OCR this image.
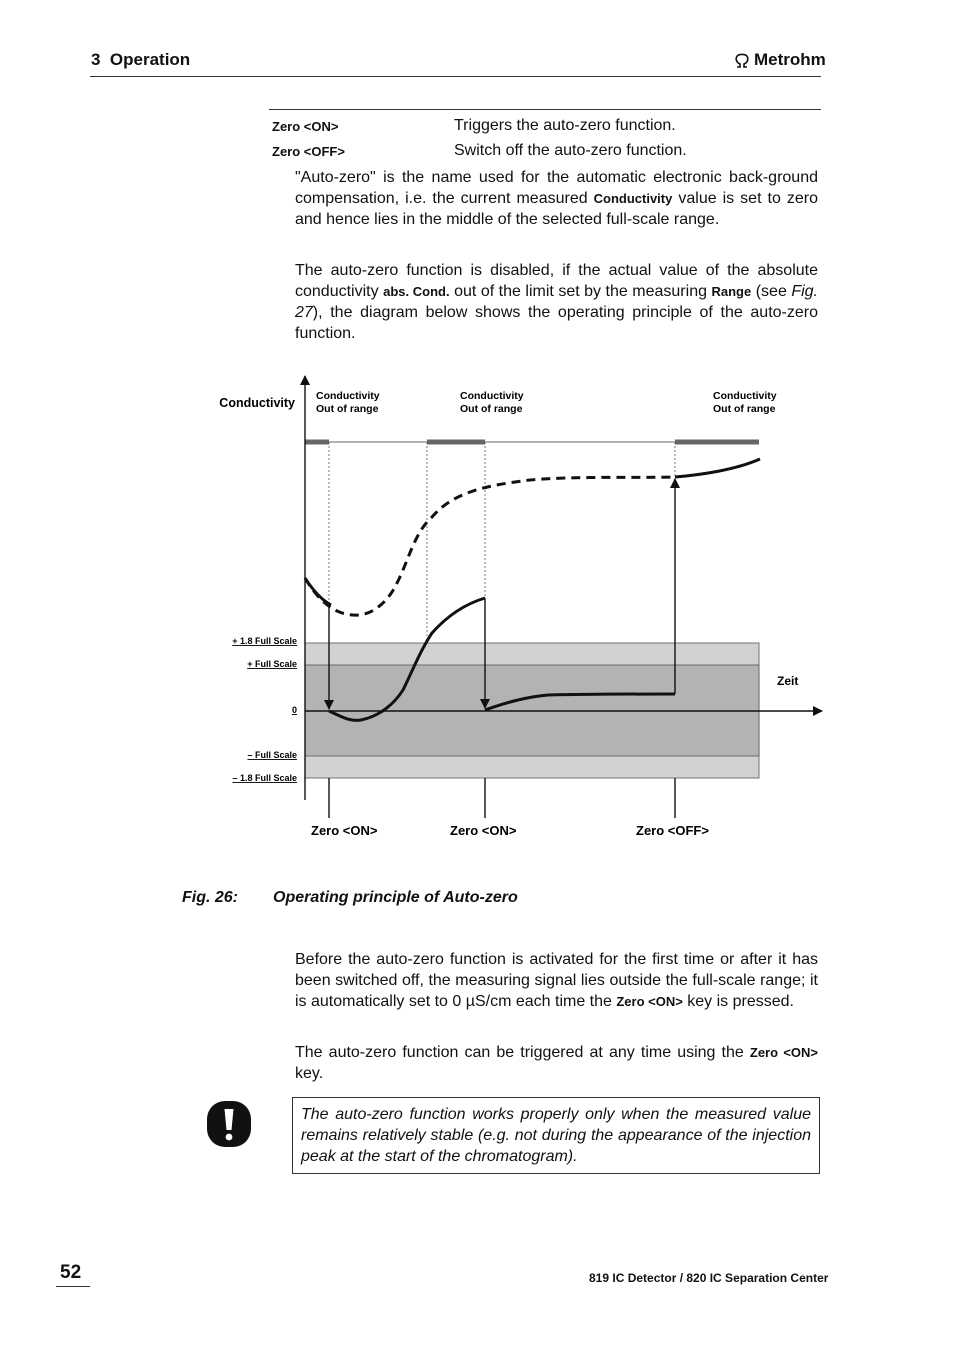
3  Operation	Metrohm
Zero <ON>	Triggers the auto-zero function.
Zero <OFF>	Switch off the auto-zero function.

"Auto-zero" is the name used for the automatic electronic back-ground compensation, i.e. the current measured Conductivity value is set to zero and hence lies in the middle of the selected full-scale range.

The auto-zero function is disabled, if the actual value of the absolute conductivity abs. Cond. out of the limit set by the measuring Range (see Fig. 27), the diagram below shows the operating principle of the auto-zero function.

Conductivity
Zeit
Conductivity
Out of range
Conductivity
Out of range
Conductivity
Out of range
+ 1.8 Full Scale
+ Full Scale
0
– Full Scale
– 1.8 Full Scale
Zero <ON>	Zero <ON>	Zero <OFF>
Fig. 26: Operating principle of Auto-zero

Before the auto-zero function is activated for the first time or after it has been switched off, the measuring signal lies outside the full-scale range; it is automatically set to 0 µS/cm each time the Zero <ON> key is pressed.

The auto-zero function can be triggered at any time using the Zero <ON> key.

The auto-zero function works properly only when the measured value remains relatively stable (e.g. not during the appearance of the injection peak at the start of the chromatogram).
52	819 IC Detector / 820 IC Separation Center
